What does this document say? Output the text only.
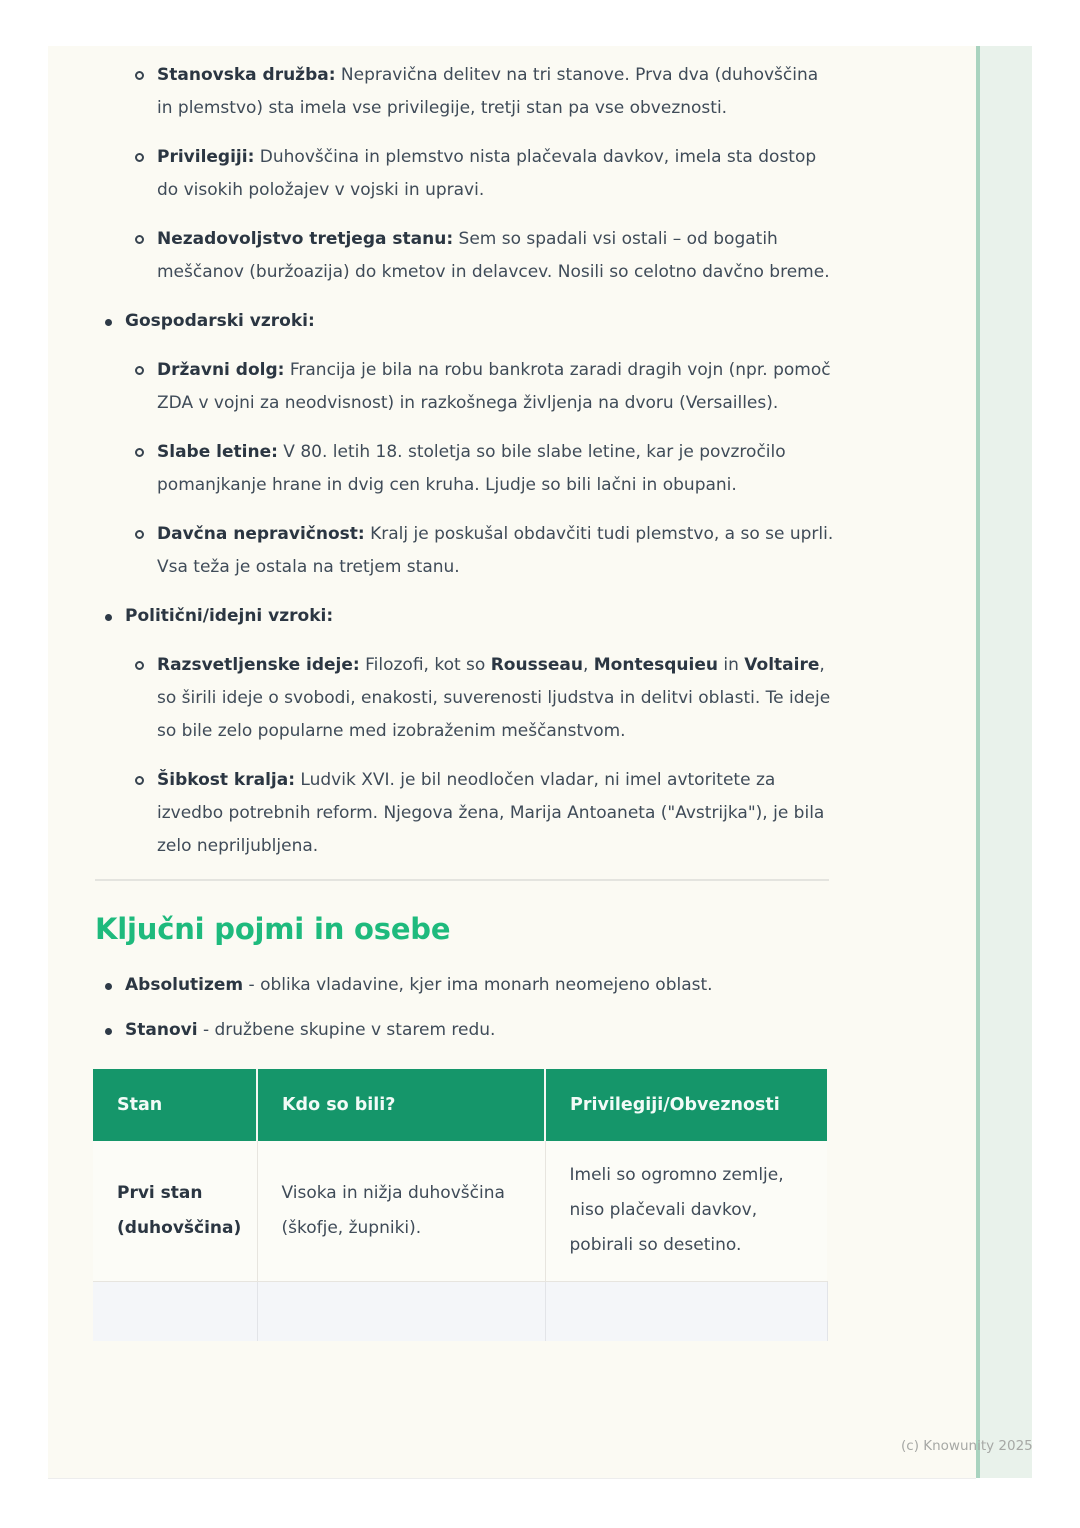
Stanovska družba: Nepravična delitev na tri stanove. Prva dva (duhovščina in plemstvo) sta imela vse privilegije, tretji stan pa vse obveznosti.
Privilegiji: Duhovščina in plemstvo nista plačevala davkov, imela sta dostop do visokih položajev v vojski in upravi.
Nezadovoljstvo tretjega stanu: Sem so spadali vsi ostali – od bogatih meščanov (buržoazija) do kmetov in delavcev. Nosili so celotno davčno breme.
Gospodarski vzroki:
Državni dolg: Francija je bila na robu bankrota zaradi dragih vojn (npr. pomoč ZDA v vojni za neodvisnost) in razkošnega življenja na dvoru (Versailles).
Slabe letine: V 80. letih 18. stoletja so bile slabe letine, kar je povzročilo pomanjkanje hrane in dvig cen kruha. Ljudje so bili lačni in obupani.
Davčna nepravičnost: Kralj je poskušal obdavčiti tudi plemstvo, a so se uprli. Vsa teža je ostala na tretjem stanu.
Politični/idejni vzroki:
Razsvetljenske ideje: Filozofi, kot so Rousseau, Montesquieu in Voltaire, so širili ideje o svobodi, enakosti, suverenosti ljudstva in delitvi oblasti. Te ideje so bile zelo popularne med izobraženim meščanstvom.
Šibkost kralja: Ludvik XVI. je bil neodločen vladar, ni imel avtoritete za izvedbo potrebnih reform. Njegova žena, Marija Antoaneta ("Avstrijka"), je bila zelo nepriljubljena.
Ključni pojmi in osebe
Absolutizem - oblika vladavine, kjer ima monarh neomejeno oblast.
Stanovi - družbene skupine v starem redu.
Stan	Kdo so bili?	Privilegiji/Obveznosti
Prvi stan (duhovščina)	Visoka in nižja duhovščina (škofje, župniki).	Imeli so ogromno zemlje, niso plačevali davkov, pobirali so desetino.

(c) Knowunity 2025
